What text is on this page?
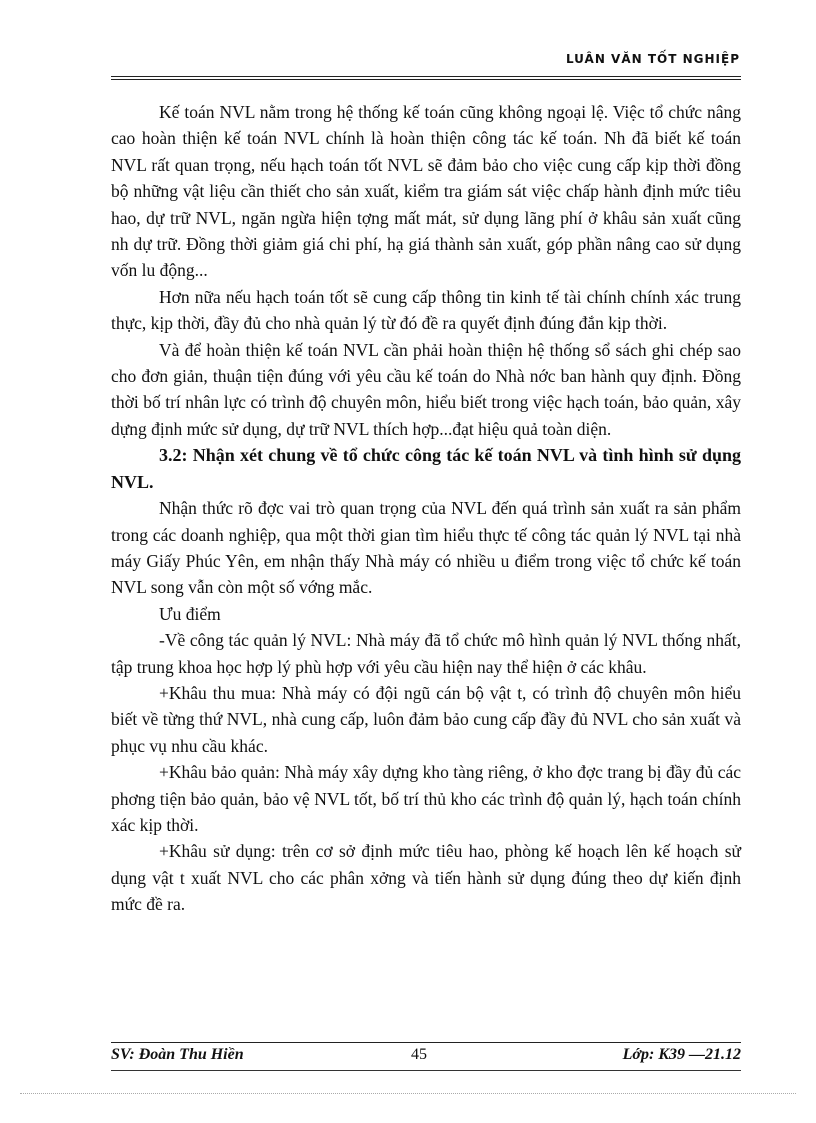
LUÂN VĂN TỐT NGHIỆP

Kế toán NVL nằm trong hệ thống kế toán cũng không ngoại lệ. Việc tổ chức nâng cao hoàn thiện kế toán NVL chính là hoàn thiện công tác kế toán. Nh đã biết kế toán NVL rất quan trọng, nếu hạch toán tốt NVL sẽ đảm bảo cho việc cung cấp kịp thời đồng bộ những vật liệu cần thiết cho sản xuất, kiểm tra giám sát việc chấp hành định mức tiêu hao, dự trữ NVL, ngăn ngừa hiện tợng mất mát, sử dụng lãng phí ở khâu sản xuất cũng nh dự trữ. Đồng thời giảm giá chi phí, hạ giá thành sản xuất, góp phần nâng cao sử dụng vốn lu động...

Hơn nữa nếu hạch toán tốt sẽ cung cấp thông tin kinh tế tài chính chính xác trung thực, kịp thời, đầy đủ cho nhà quản lý từ đó đề ra quyết định đúng đắn kịp thời.

Và để hoàn thiện kế toán NVL cần phải hoàn thiện hệ thống sổ sách ghi chép sao cho đơn giản, thuận tiện đúng với yêu cầu kế toán do Nhà nớc ban hành quy định. Đồng thời bố trí nhân lực có trình độ chuyên môn, hiểu biết trong việc hạch toán, bảo quản, xây dựng định mức sử dụng, dự trữ NVL thích hợp...đạt hiệu quả toàn diện.

3.2: Nhận xét chung về tổ chức công tác kế toán NVL và tình hình sử dụng NVL.

Nhận thức rõ đợc vai trò quan trọng của NVL đến quá trình sản xuất ra sản phẩm trong các doanh nghiệp, qua một thời gian tìm hiểu thực tế công tác quản lý NVL tại nhà máy Giấy Phúc Yên, em nhận thấy Nhà máy có nhiều u điểm trong việc tổ chức kế toán NVL song vẫn còn một số vớng mắc.

Ưu điểm

-Về công tác quản lý NVL: Nhà máy đã tổ chức mô hình quản lý NVL thống nhất, tập trung khoa học hợp lý phù hợp với yêu cầu hiện nay thể hiện ở các khâu.

+Khâu thu mua: Nhà máy có đội ngũ cán bộ vật t, có trình độ chuyên môn hiểu biết về từng thứ NVL, nhà cung cấp, luôn đảm bảo cung cấp đầy đủ NVL cho sản xuất và phục vụ nhu cầu khác.

+Khâu bảo quản: Nhà máy xây dựng kho tàng riêng, ở kho đợc trang bị đầy đủ các phơng tiện bảo quản, bảo vệ NVL tốt, bố trí thủ kho các trình độ quản lý, hạch toán chính xác kịp thời.

+Khâu sử dụng: trên cơ sở định mức tiêu hao, phòng kế hoạch lên kế hoạch sử dụng vật t xuất NVL cho các phân xởng và tiến hành sử dụng đúng theo dự kiến định mức đề ra.

SV: Đoàn Thu Hiền	45	Lớp: K39 —21.12
